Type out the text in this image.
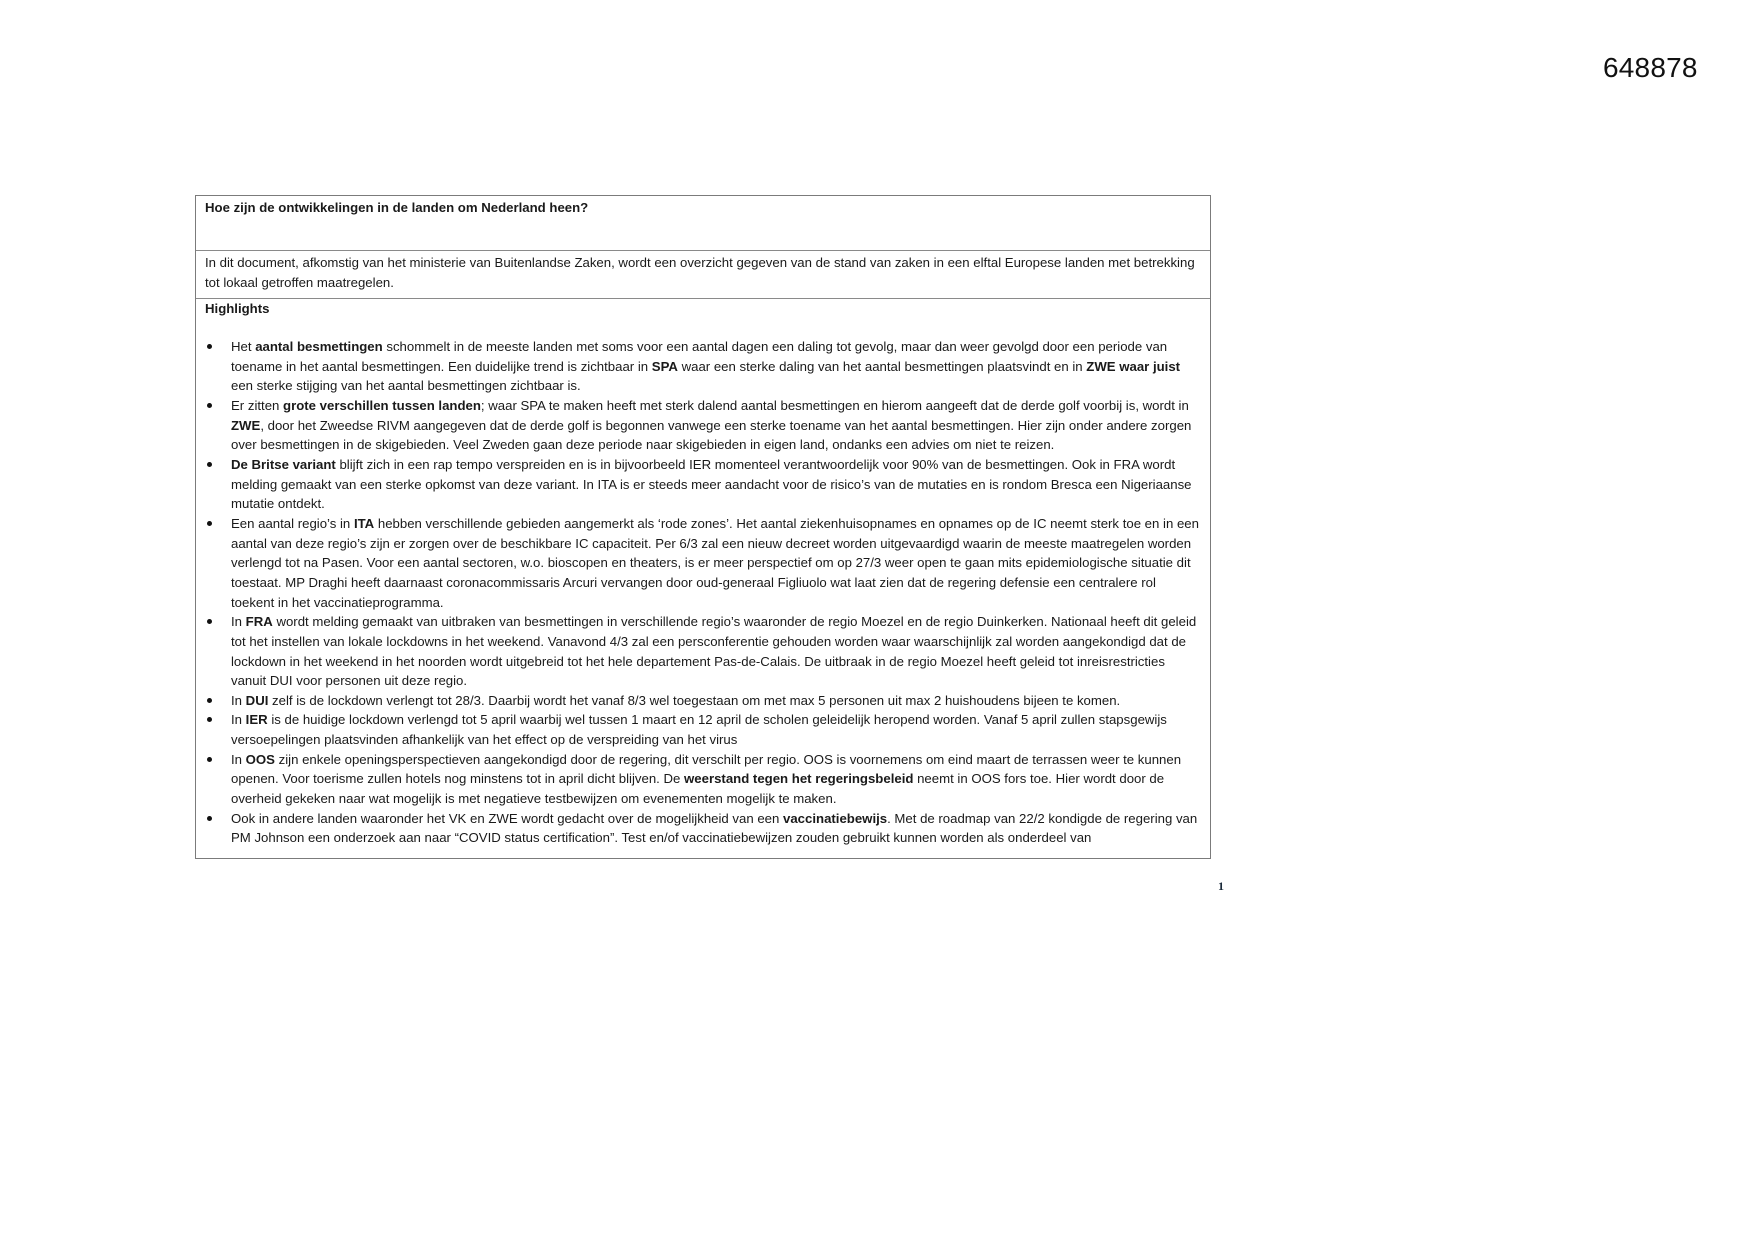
648878
Hoe zijn de ontwikkelingen in de landen om Nederland heen?
In dit document, afkomstig van het ministerie van Buitenlandse Zaken, wordt een overzicht gegeven van de stand van zaken in een elftal Europese landen met betrekking tot lokaal getroffen maatregelen.
Highlights
Het aantal besmettingen schommelt in de meeste landen met soms voor een aantal dagen een daling tot gevolg, maar dan weer gevolgd door een periode van toename in het aantal besmettingen. Een duidelijke trend is zichtbaar in SPA waar een sterke daling van het aantal besmettingen plaatsvindt en in ZWE waar juist een sterke stijging van het aantal besmettingen zichtbaar is.
Er zitten grote verschillen tussen landen; waar SPA te maken heeft met sterk dalend aantal besmettingen en hierom aangeeft dat de derde golf voorbij is, wordt in ZWE, door het Zweedse RIVM aangegeven dat de derde golf is begonnen vanwege een sterke toename van het aantal besmettingen. Hier zijn onder andere zorgen over besmettingen in de skigebieden. Veel Zweden gaan deze periode naar skigebieden in eigen land, ondanks een advies om niet te reizen.
De Britse variant blijft zich in een rap tempo verspreiden en is in bijvoorbeeld IER momenteel verantwoordelijk voor 90% van de besmettingen. Ook in FRA wordt melding gemaakt van een sterke opkomst van deze variant. In ITA is er steeds meer aandacht voor de risico’s van de mutaties en is rondom Bresca een Nigeriaanse mutatie ontdekt.
Een aantal regio’s in ITA hebben verschillende gebieden aangemerkt als ‘rode zones’. Het aantal ziekenhuisopnames en opnames op de IC neemt sterk toe en in een aantal van deze regio’s zijn er zorgen over de beschikbare IC capaciteit. Per 6/3 zal een nieuw decreet worden uitgevaardigd waarin de meeste maatregelen worden verlengd tot na Pasen. Voor een aantal sectoren, w.o. bioscopen en theaters, is er meer perspectief om op 27/3 weer open te gaan mits epidemiologische situatie dit toestaat. MP Draghi heeft daarnaast coronacommissaris Arcuri vervangen door oud-generaal Figliuolo wat laat zien dat de regering defensie een centralere rol toekent in het vaccinatieprogramma.
In FRA wordt melding gemaakt van uitbraken van besmettingen in verschillende regio’s waaronder de regio Moezel en de regio Duinkerken. Nationaal heeft dit geleid tot het instellen van lokale lockdowns in het weekend. Vanavond 4/3 zal een persconferentie gehouden worden waar waarschijnlijk zal worden aangekondigd dat de lockdown in het weekend in het noorden wordt uitgebreid tot het hele departement Pas-de-Calais. De uitbraak in de regio Moezel heeft geleid tot inreisrestricties vanuit DUI voor personen uit deze regio.
In DUI zelf is de lockdown verlengt tot 28/3. Daarbij wordt het vanaf 8/3 wel toegestaan om met max 5 personen uit max 2 huishoudens bijeen te komen.
In IER is de huidige lockdown verlengd tot 5 april waarbij wel tussen 1 maart en 12 april de scholen geleidelijk heropend worden. Vanaf 5 april zullen stapsgewijs versoepelingen plaatsvinden afhankelijk van het effect op de verspreiding van het virus
In OOS zijn enkele openingsperspectieven aangekondigd door de regering, dit verschilt per regio. OOS is voornemens om eind maart de terrassen weer te kunnen openen. Voor toerisme zullen hotels nog minstens tot in april dicht blijven. De weerstand tegen het regeringsbeleid neemt in OOS fors toe. Hier wordt door de overheid gekeken naar wat mogelijk is met negatieve testbewijzen om evenementen mogelijk te maken.
Ook in andere landen waaronder het VK en ZWE wordt gedacht over de mogelijkheid van een vaccinatiebewijs. Met de roadmap van 22/2 kondigde de regering van PM Johnson een onderzoek aan naar “COVID status certification”. Test en/of vaccinatiebewijzen zouden gebruikt kunnen worden als onderdeel van
1
